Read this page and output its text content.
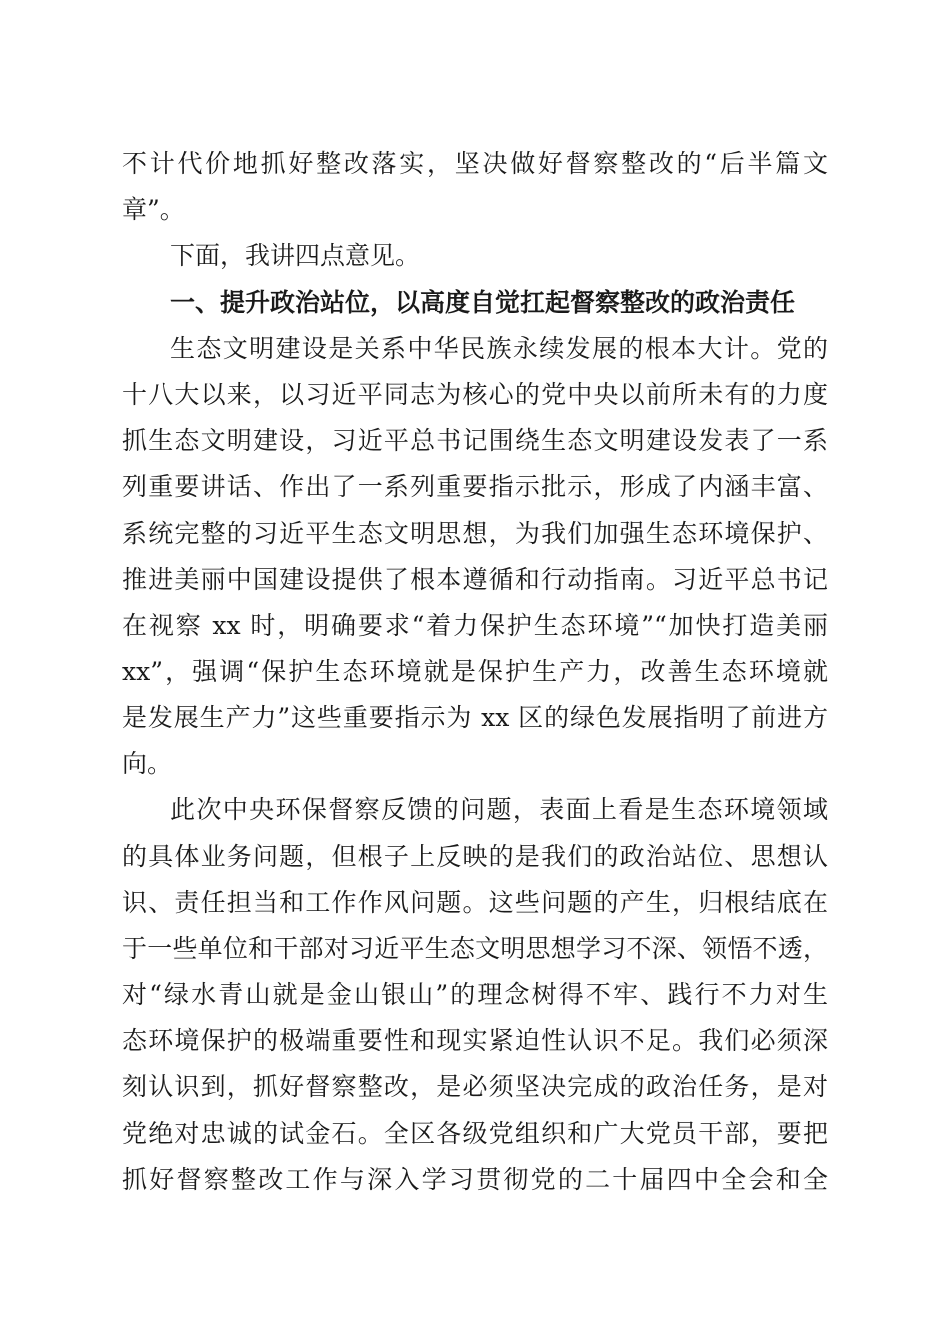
不计代价地抓好整改落实，坚决做好督察整改的“后半篇文
章”。
下面，我讲四点意见。
一、提升政治站位，以高度自觉扛起督察整改的政治责任
生态文明建设是关系中华民族永续发展的根本大计。党的
十八大以来，以习近平同志为核心的党中央以前所未有的力度
抓生态文明建设，习近平总书记围绕生态文明建设发表了一系
列重要讲话、作出了一系列重要指示批示，形成了内涵丰富、
系统完整的习近平生态文明思想，为我们加强生态环境保护、
推进美丽中国建设提供了根本遵循和行动指南。习近平总书记
在视察 xx 时，明确要求“着力保护生态环境”“加快打造美丽
xx”，强调“保护生态环境就是保护生产力，改善生态环境就
是发展生产力”这些重要指示为 xx 区的绿色发展指明了前进方
向。
此次中央环保督察反馈的问题，表面上看是生态环境领域
的具体业务问题，但根子上反映的是我们的政治站位、思想认
识、责任担当和工作作风问题。这些问题的产生，归根结底在
于一些单位和干部对习近平生态文明思想学习不深、领悟不透，
对“绿水青山就是金山银山”的理念树得不牢、践行不力对生
态环境保护的极端重要性和现实紧迫性认识不足。我们必须深
刻认识到，抓好督察整改，是必须坚决完成的政治任务，是对
党绝对忠诚的试金石。全区各级党组织和广大党员干部，要把
抓好督察整改工作与深入学习贯彻党的二十届四中全会和全
